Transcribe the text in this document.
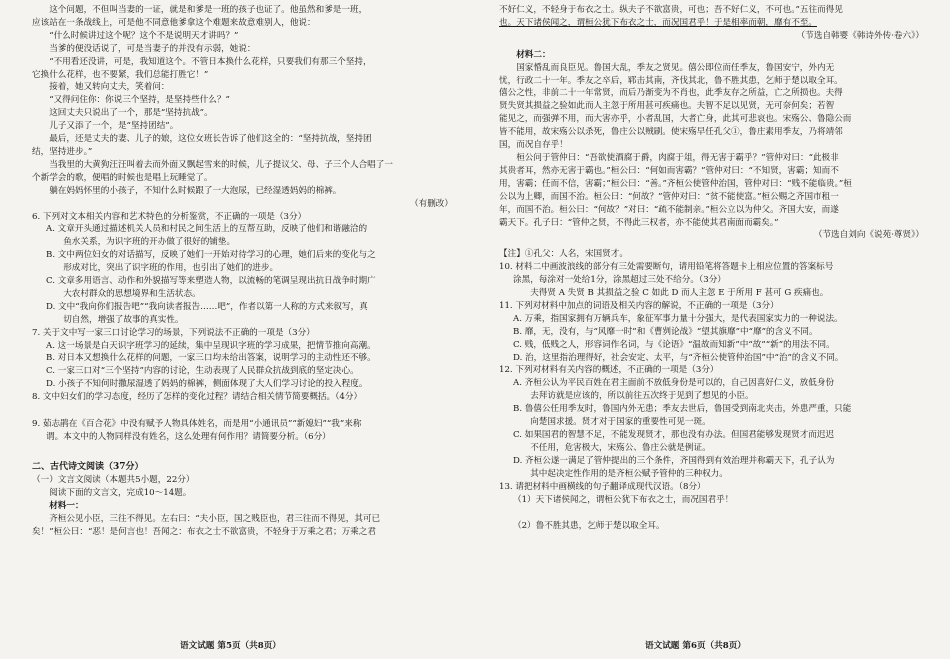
这个问题，不但叫当妻的一证，就是和爹是一班的孩子也证了。他虽然和爹是一班，

应该站在一条战线上，可是他不同意他爹拿这个难题来故意难别人，他说：

“什么时候讲过这个呢？这个不是说明天才讲吗？”

当爹的便没话说了，可是当妻子的并没有示弱，她说：

“不用看还没讲，可是，我知道这个。不管日本换什么花样，只要我们有那三个坚持，

它换什么花样，也不要紧，我们总能打胜它！”

接着，她又转向丈夫，笑着问：

“又得问住你：你说三个坚持，是坚持些什么？”

这回丈夫只说出了一个，那是“坚持抗战”。

儿子又添了一个，是“坚持团结”。

最后，还是丈夫的妻、儿子的娘，这位女班长告诉了他们这全的：“坚持抗战，坚持团

结，坚持进步。”

当我里的大黄狗汪汪叫着去而外面又飘起雪来的时候，儿子提议父、母、子三个人合唱了一

个新学会的歌，便唱的时候也是唱上玩睡觉了。

躺在妈妈怀里的小孩子，不知什么时候跟了一大泡尿，已经湿透妈妈的棉裤。

（有删改）

6. 下列对文本相关内容和艺术特色的分析鉴赏，不正确的一项是（3分）

A. 文章开头通过描述机关人员和村民之间生活上的互帮互助，反映了他们和谐融洽的

鱼水关系，为识字班的开办做了很好的铺垫。

B. 文中两位妇女的对话描写，反映了她们一开始对待学习的心理，她们后来的变化与之

形成对比，突出了识字班的作用，也引出了她们的进步。

C. 文章多用语言、动作和外貌描写等来塑造人物，以流畅的笔调呈现出抗日战争时期广

大农村群众的思想境界和生活状态。

D. 文中“我向你们报告吧”“我向读者报告……吧”，作者以第一人称的方式来叙写，真

切自然，增强了故事的真实性。

7. 关于文中写一家三口讨论学习的场景，下列说法不正确的一项是（3分）

A. 这一场景是白天识字班学习的延续，集中呈现识字班的学习成果，把情节推向高潮。

B. 对日本又想换什么花样的问题，一家三口均未给出答案，说明学习的主动性还不够。

C. 一家三口对“三个坚持”内容的讨论，生动表现了人民群众抗战到底的坚定决心。

D. 小孩子不知何时撒尿湿透了妈妈的棉裤，侧面体现了大人们学习讨论的投入程度。

8. 文中妇女们的学习态度，经历了怎样的变化过程？请结合相关情节简要概括。（4分）

9. 茹志鹃在《百合花》中没有赋予人物具体姓名，而是用“小通讯员”“新媳妇”“我”来称

谓。本文中的人物同样没有姓名，这么处理有何作用？请简要分析。（6分）

二、古代诗文阅读（37分）

（一）文言文阅读（本题共5小题，22分）

阅读下面的文言文，完成10～14题。

材料一：

齐桓公见小臣，三往不得见。左右曰：“夫小臣，国之贱臣也，君三往而不得见，其可已

矣！”桓公曰：“恶！是何言也！吾闻之：布衣之士不欲富贵，不轻身于万乘之君；万乘之君

语文试题 第5页（共8页）

不好仁义，不轻身于布衣之士。纵夫子不欲富贵，可也；吾不好仁义，不可也。”五往而得见

也。天下诸侯闻之，谓桓公犹下布衣之士，而况国君乎！于是相率而朝，靡有不至。

（节选自韩婴《韩诗外传·卷六》）

材料二：

国家惛乱而良臣见。鲁国大乱，季友之贤见。僖公即位而任季友，鲁国安宁，外内无

忧，行政二十一年。季友之卒后，郓击其南，齐伐其北，鲁不胜其患，乞师于楚以取全耳。

僖公之性，非前二十一年常贤，而后乃渐变为不肖也，此季友存之所益，亡之所损也。夫得

贤失贤其损益之验如此而人主忽于所用甚可疾痛也。夫智不足以见贤，无可奈何矣；若智

能见之，而强弹不用，而大害亦乎，小者乱国，大者亡身，此其可悲哀也。宋殇公、鲁隐公而

皆不能用，故宋殇公以杀死，鲁庄公以贼刷。使宋殇早任孔父①，鲁庄素用季友，乃将靖邻

国，而况自存乎！

桓公问于管仲曰：“吾欲使酒腐于爵，肉腐于俎，得无害于霸乎？”管仲对曰：“此极非

其贵者耳，然亦无害于霸也。”桓公曰：“何如而害霸？”管仲对曰：“不知贤，害霸；知而不

用，害霸；任而不信，害霸；”桓公曰：“善。”齐桓公使管仲治国，管仲对曰：“贱不能临贵。”桓

公以为上卿，而国不治。桓公曰：“何故？”管仲对曰：“贫不能使富。”桓公赐之齐国市租一

年，而国不治。桓公曰：“何故？”对曰：“疏不能制亲。”桓公立以为仲父。齐国大安，而遂

霸天下。孔子曰：“管仲之贤，不得此三权者，亦不能使其君南面而霸矣。”

（节选自刘向《说苑·尊贤》）

【注】①孔父：人名，宋国贤才。

10. 材料二中画波浪线的部分有三处需要断句，请用铅笔将答题卡上相应位置的答案标号

涂黑，每涂对一处给1分，涂黑超过三处不给分。（3分）

夫得贤 A 失贤 B 其损益之验 C 如此 D 而人主忽 E 于所用 F 甚可 G 疾痛也。

11. 下列对材料中加点的词语及相关内容的解说，不正确的一项是（3分）

A. 万乘，指国家拥有万辆兵车，象征军事力量十分强大，是代表国家实力的一种说法。

B. 靡，无，没有，与“风靡一时”和《曹刿论战》“望其旗靡”中“靡”的含义不同。

C. 贱，低贱之人，形容词作名词，与《论语》“温故而知新”中“故”“新”的用法不同。

D. 治，这里指治理得好，社会安定、太平，与“齐桓公使管仲治国”中“治”的含义不同。

12. 下列对材料有关内容的概述，不正确的一项是（3分）

A. 齐桓公认为平民百姓在君主面前不放低身份是可以的，自己因喜好仁义，放低身份

去拜访就是应该的，所以前往五次终于见到了想见的小臣。

B. 鲁僖公任用季友时，鲁国内外无患；季友去世后，鲁国受到南北夹击，外患严重，只能

向楚国求援。贤才对于国家的重要性可见一斑。

C. 如果国君的智慧不足，不能发现贤才，那也没有办法。但国君能够发现贤才而迟迟

不任用，危害极大，宋殇公、鲁庄公就是例证。

D. 齐桓公遂一满足了管仲提出的三个条件，齐国得到有效治理并称霸天下，孔子认为

其中起决定性作用的是齐桓公赋予管仲的三种权力。

13. 请把材料中画横线的句子翻译成现代汉语。（8分）

（1）天下诸侯闻之，谓桓公犹下布衣之士，而况国君乎！

（2）鲁不胜其患，乞师于楚以取全耳。

语文试题 第6页（共8页）
